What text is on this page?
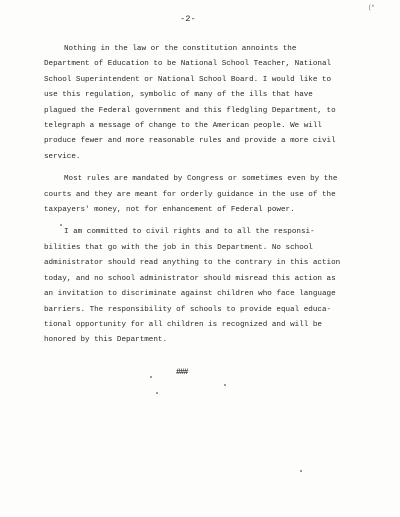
(*
-2-

Nothing in the law or the constitution annoints the
Department of Education to be National School Teacher, National
School Superintendent or National School Board. I would like to
use this regulation, symbolic of many of the ills that have
plagued the Federal government and this fledgling Department, to
telegraph a message of change to the American people. We will
produce fewer and more reasonable rules and provide a more civil
service.

Most rules are mandated by Congress or sometimes even by the
courts and they are meant for orderly guidance in the use of the
taxpayers' money, not for enhancement of Federal power.

I am committed to civil rights and to all the responsi-
bilities that go with the job in this Department. No school
administrator should read anything to the contrary in this action
today, and no school administrator should misread this action as
an invitation to discriminate against children who face language
barriers. The responsibility of schools to provide equal educa-
tional opportunity for all children is recognized and will be
honored by this Department.

###
